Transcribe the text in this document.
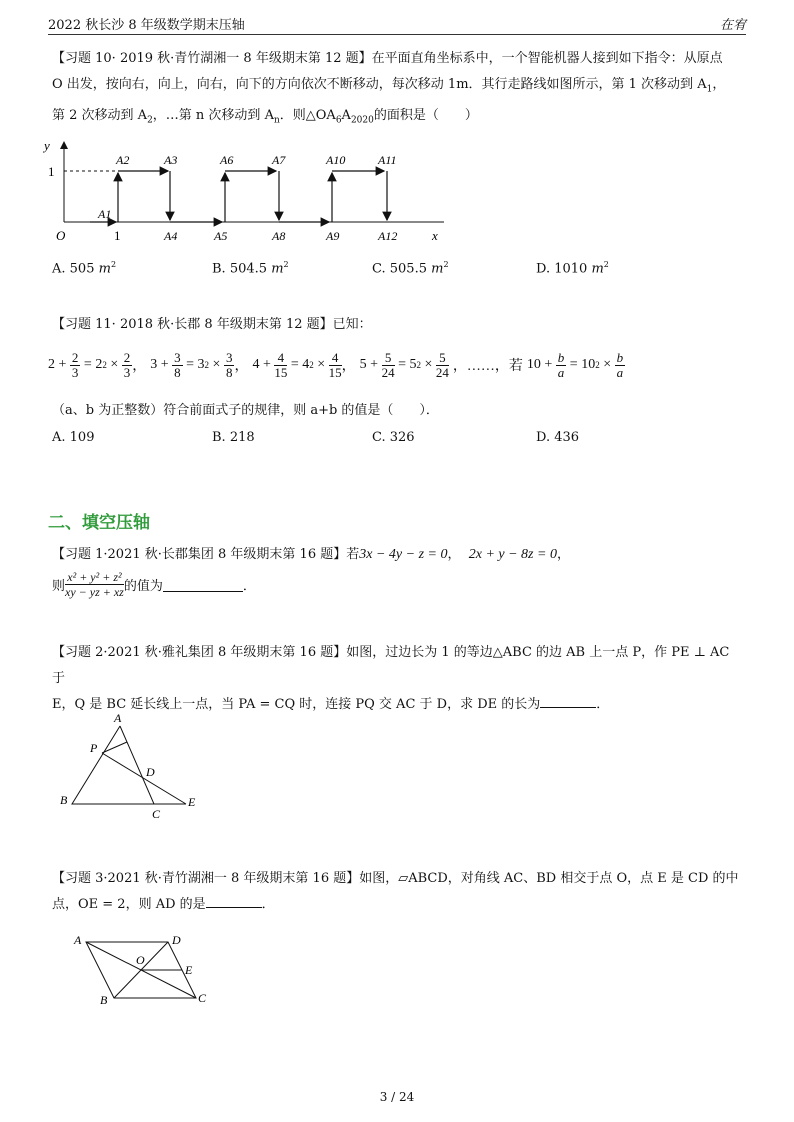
2022 秋长沙 8 年级数学期末压轴	在宥
【习题 10· 2019 秋·青竹湖湘一 8 年级期末第 12 题】在平面直角坐标系中，一个智能机器人接到如下指令：从原点
O 出发，按向右，向上，向右，向下的方向依次不断移动，每次移动 1m．其行走路线如图所示，第 1 次移动到 $A_1$，
第 2 次移动到 $A_2$，…第 n 次移动到 $A_n$．则$\triangle OA_6A_{2020}$的面积是（　　）
y
x
O
1
1
A1
A2	A3
A4	A5
A6	A7
A8	A9
A10	A11
A12
A. 505 $m^2$	B. 504.5 $m^2$	C. 505.5 $m^2$	D. 1010 $m^2$
【习题 11· 2018 秋·长郡 8 年级期末第 12 题】已知：
$2 + \frac{2}{3} = 2$ $2 \times \frac{2}{3}$ ， $3 + \frac{3}{8} = 3$ $2 \times \frac{3}{8}$ ， $4 + \frac{4}{15} = 4$ $2 \times \frac{4}{15}$ ， $5 + \frac{5}{24} = 5$ $2 \times \frac{5}{24}$ ，……，若 $10 + \frac{b}{a} = 10$ $2 \times \frac{b}{a}$
（a、b 为正整数）符合前面式子的规律，则 a+b 的值是（　　）．
A. 109	B. 218	C. 326	D. 436
二、填空压轴
【习题 1·2021 秋·长郡集团 8 年级期末第 16 题】若3x − 4y − z = 0，  2x + y − 8z = 0，
则 $\frac{\text{x² + y² + z²}}{xy - yz + xz}$ 的值为	．
【习题 2·2021 秋·雅礼集团 8 年级期末第 16 题】如图，过边长为 1 的等边△ABC 的边 AB 上一点 P，作 PE ⊥ AC 于
E，Q 是 BC 延长线上一点，当 PA = CQ 时，连接 PQ 交 AC 于 D，求 DE 的长为	．
A
P
D
B
C
E
【习题 3·2021 秋·青竹湖湘一 8 年级期末第 16 题】如图，▱ABCD，对角线 AC、BD 相交于点 O，点 E 是 CD 的中
点，OE = 2，则 AD 的是	．
A	D
O
E
B	C
3 / 24
